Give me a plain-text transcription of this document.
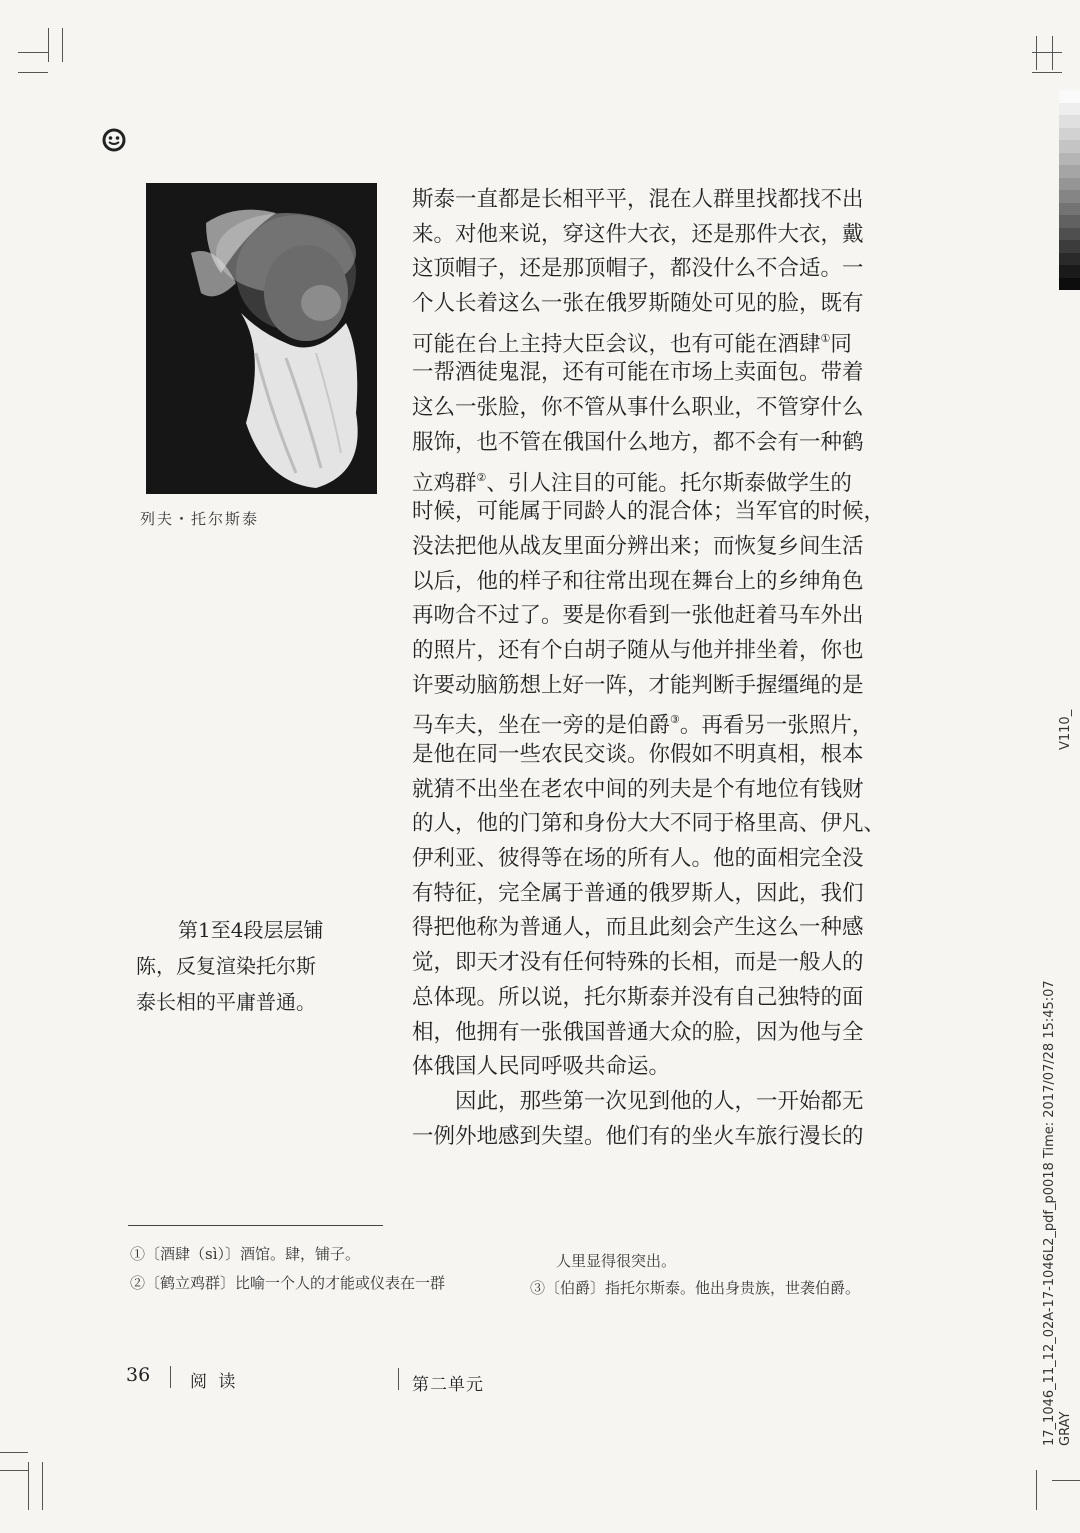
列夫・托尔斯泰
第1至4段层层铺
陈，反复渲染托尔斯
泰长相的平庸普通。
斯泰一直都是长相平平，混在人群里找都找不出
来。对他来说，穿这件大衣，还是那件大衣，戴
这顶帽子，还是那顶帽子，都没什么不合适。一
个人长着这么一张在俄罗斯随处可见的脸，既有
可能在台上主持大臣会议，也有可能在酒肆①同
一帮酒徒鬼混，还有可能在市场上卖面包。带着
这么一张脸，你不管从事什么职业，不管穿什么
服饰，也不管在俄国什么地方，都不会有一种鹤
立鸡群②、引人注目的可能。托尔斯泰做学生的
时候，可能属于同龄人的混合体；当军官的时候，
没法把他从战友里面分辨出来；而恢复乡间生活
以后，他的样子和往常出现在舞台上的乡绅角色
再吻合不过了。要是你看到一张他赶着马车外出
的照片，还有个白胡子随从与他并排坐着，你也
许要动脑筋想上好一阵，才能判断手握缰绳的是
马车夫，坐在一旁的是伯爵③。再看另一张照片，
是他在同一些农民交谈。你假如不明真相，根本
就猜不出坐在老农中间的列夫是个有地位有钱财
的人，他的门第和身份大大不同于格里高、伊凡、
伊利亚、彼得等在场的所有人。他的面相完全没
有特征，完全属于普通的俄罗斯人，因此，我们
得把他称为普通人，而且此刻会产生这么一种感
觉，即天才没有任何特殊的长相，而是一般人的
总体现。所以说，托尔斯泰并没有自己独特的面
相，他拥有一张俄国普通大众的脸，因为他与全
体俄国人民同呼吸共命运。
　　因此，那些第一次见到他的人，一开始都无
一例外地感到失望。他们有的坐火车旅行漫长的
①〔酒肆（sì）〕酒馆。肆，铺子。
②〔鹤立鸡群〕比喻一个人的才能或仪表在一群
人里显得很突出。
③〔伯爵〕指托尔斯泰。他出身贵族，世袭伯爵。
36 阅 读	第二单元
V110_
17_1046_11_12_02A-17-1046L2_pdf_p0018 Time: 2017/07/28 15:45:07 GRAY
